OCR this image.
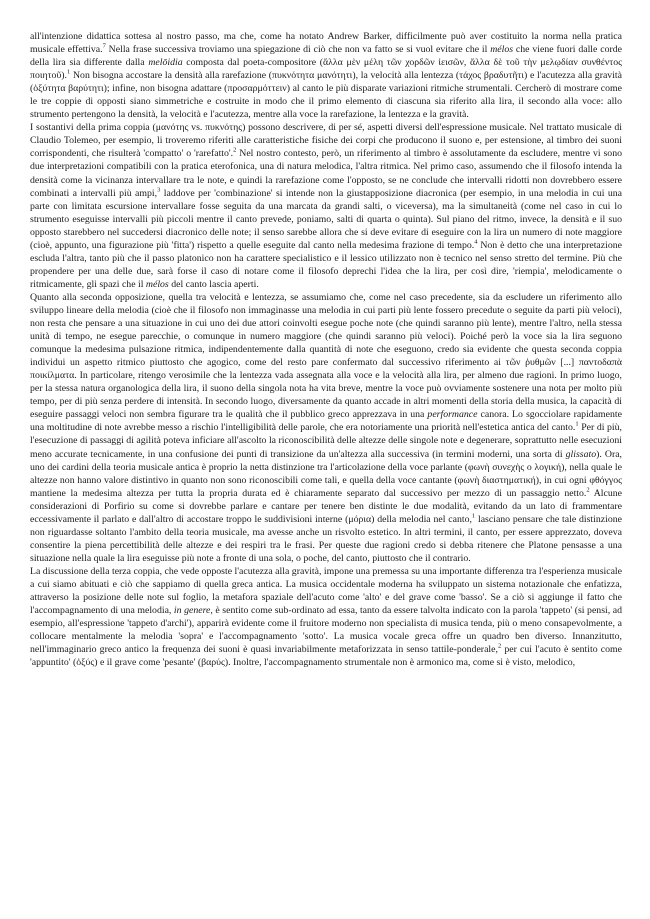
all'intenzione didattica sottesa al nostro passo, ma che, come ha notato Andrew Barker, difficilmente può aver costituito la norma nella pratica musicale effettiva.$^7$ Nella frase successiva troviamo una spiegazione di ciò che non va fatto se si vuol evitare che il mélos che viene fuori dalle corde della lira sia differente dalla melōidia composta dal poeta-compositore (ἄλλα μὲν μέλη τῶν χορδῶν ἱεισῶν, ἄλλα δὲ τοῦ τὴν μελῳδίαν συνθέντος ποιητοῦ).$^1$ Non bisogna accostare la densità alla rarefazione (πυκνότητα μανότητι), la velocità alla lentezza (τάχος βραδυτῆτι) e l'acutezza alla gravità (ὀξύτητα βαρύτητι); infine, non bisogna adattare (προσαρμόττειν) al canto le più disparate variazioni ritmiche strumentali. Cercherò di mostrare come le tre coppie di opposti siano simmetriche e costruite in modo che il primo elemento di ciascuna sia riferito alla lira, il secondo alla voce: allo strumento pertengono la densità, la velocità e l'acutezza, mentre alla voce la rarefazione, la lentezza e la gravità.

I sostantivi della prima coppia (μανότης vs. πυκνότης) possono descrivere, di per sé, aspetti diversi dell'espressione musicale. Nel trattato musicale di Claudio Tolemeo, per esempio, li troveremo riferiti alle caratteristiche fisiche dei corpi che producono il suono e, per estensione, al timbro dei suoni corrispondenti, che risulterà 'compatto' o 'rarefatto'.$^2$ Nel nostro contesto, però, un riferimento al timbro è assolutamente da escludere, mentre vi sono due interpretazioni compatibili con la pratica eterofonica, una di natura melodica, l'altra ritmica. Nel primo caso, assumendo che il filosofo intenda la densità come la vicinanza intervallare tra le note, e quindi la rarefazione come l'opposto, se ne conclude che intervalli ridotti non dovrebbero essere combinati a intervalli più ampi,$^3$ laddove per 'combinazione' si intende non la giustapposizione diacronica (per esempio, in una melodia in cui una parte con limitata escursione intervallare fosse seguita da una marcata da grandi salti, o viceversa), ma la simultaneità (come nel caso in cui lo strumento eseguisse intervalli più piccoli mentre il canto prevede, poniamo, salti di quarta o quinta). Sul piano del ritmo, invece, la densità e il suo opposto starebbero nel succedersi diacronico delle note; il senso sarebbe allora che si deve evitare di eseguire con la lira un numero di note maggiore (cioè, appunto, una figurazione più 'fitta') rispetto a quelle eseguite dal canto nella medesima frazione di tempo.$^4$ Non è detto che una interpretazione escluda l'altra, tanto più che il passo platonico non ha carattere specialistico e il lessico utilizzato non è tecnico nel senso stretto del termine. Più che propendere per una delle due, sarà forse il caso di notare come il filosofo deprechi l'idea che la lira, per così dire, 'riempia', melodicamente o ritmicamente, gli spazi che il mélos del canto lascia aperti.

Quanto alla seconda opposizione, quella tra velocità e lentezza, se assumiamo che, come nel caso precedente, sia da escludere un riferimento allo sviluppo lineare della melodia (cioè che il filosofo non immaginasse una melodia in cui parti più lente fossero precedute o seguite da parti più veloci), non resta che pensare a una situazione in cui uno dei due attori coinvolti eseguе poche note (che quindi saranno più lente), mentre l'altro, nella stessa unità di tempo, ne esegue parecchie, o comunque in numero maggiore (che quindi saranno più veloci). Poiché però la voce sia la lira seguono comunque la medesima pulsazione ritmica, indipendentemente dalla quantità di note che eseguono, credo sia evidente che questa seconda coppia individui un aspetto ritmico piuttosto che agogico, come del resto pare confermato dal successivo riferimento ai τῶν ῥυθμῶν [...] παντοδαπὰ ποικίλματα. In particolare, ritengo verosimile che la lentezza vada assegnata alla voce e la velocità alla lira, per almeno due ragioni. In primo luogo, per la stessa natura organologica della lira, il suono della singola nota ha vita breve, mentre la voce può ovviamente sostenere una nota per molto più tempo, per di più senza perdere di intensità. In secondo luogo, diversamente da quanto accade in altri momenti della storia della musica, la capacità di eseguire passaggi veloci non sembra figurare tra le qualità che il pubblico greco apprezzava in una performance canora. Lo sgocciolare rapidamente una moltitudine di note avrebbe messo a rischio l'intelligibilità delle parole, che era notoriamente una priorità nell'estetica antica del canto.$^1$ Per di più, l'esecuzione di passaggi di agilità poteva inficiare all'ascolto la riconoscibilità delle altezze delle singole note e degenerare, soprattutto nelle esecuzioni meno accurate tecnicamente, in una confusione dei punti di transizione da un'altezza alla successiva (in termini moderni, una sorta di glissato). Ora, uno dei cardini della teoria musicale antica è proprio la netta distinzione tra l'articolazione della voce parlante (φωνὴ συνεχὴς ο λογική), nella quale le altezze non hanno valore distintivo in quanto non sono riconoscibili come tali, e quella della voce cantante (φωνὴ διαστηματική), in cui ogni φθόγγος mantiene la medesima altezza per tutta la propria durata ed è chiaramente separato dal successivo per mezzo di un passaggio netto.$^2$ Alcune considerazioni di Porfirio su come si dovrebbe parlare e cantare per tenere ben distinte le due modalità, evitando da un lato di frammentare eccessivamente il parlato e dall'altro di accostare troppo le suddivisioni interne (μόρια) della melodia nel canto,$^1$ lasciano pensare che tale distinzione non riguardasse soltanto l'ambito della teoria musicale, ma avesse anche un risvolto estetico. In altri termini, il canto, per essere apprezzato, doveva consentire la piena percettibilità delle altezze e dei respiri tra le frasi. Per queste due ragioni credo si debba ritenere che Platone pensasse a una situazione nella quale la lira eseguisse più note a fronte di una sola, o poche, del canto, piuttosto che il contrario.

La discussione della terza coppia, che vede opposte l'acutezza alla gravità, impone una premessa su una importante differenza tra l'esperienza musicale a cui siamo abituati e ciò che sappiamo di quella greca antica. La musica occidentale moderna ha sviluppato un sistema notazionale che enfatizza, attraverso la posizione delle note sul foglio, la metafora spaziale dell'acuto come 'alto' e del grave come 'basso'. Se a ciò si aggiunge il fatto che l'accompagnamento di una melodia, in genere, è sentito come sub-ordinato ad essa, tanto da essere talvolta indicato con la parola 'tappeto' (si pensi, ad esempio, all'espressione 'tappeto d'archi'), apparirà evidente come il fruitore moderno non specialista di musica tenda, più o meno consapevolmente, a collocare mentalmente la melodia 'sopra' e l'accompagnamento 'sotto'. La musica vocale greca offre un quadro ben diverso. Innanzitutto, nell'immaginario greco antico la frequenza dei suoni è quasi invariabilmente metaforizzata in senso tattile-ponderale,$^2$ per cui l'acuto è sentito come 'appuntito' (ὀξύς) e il grave come 'pesante' (βαρύς). Inoltre, l'accompagnamento strumentale non è armonico ma, come si è visto, melodico,
